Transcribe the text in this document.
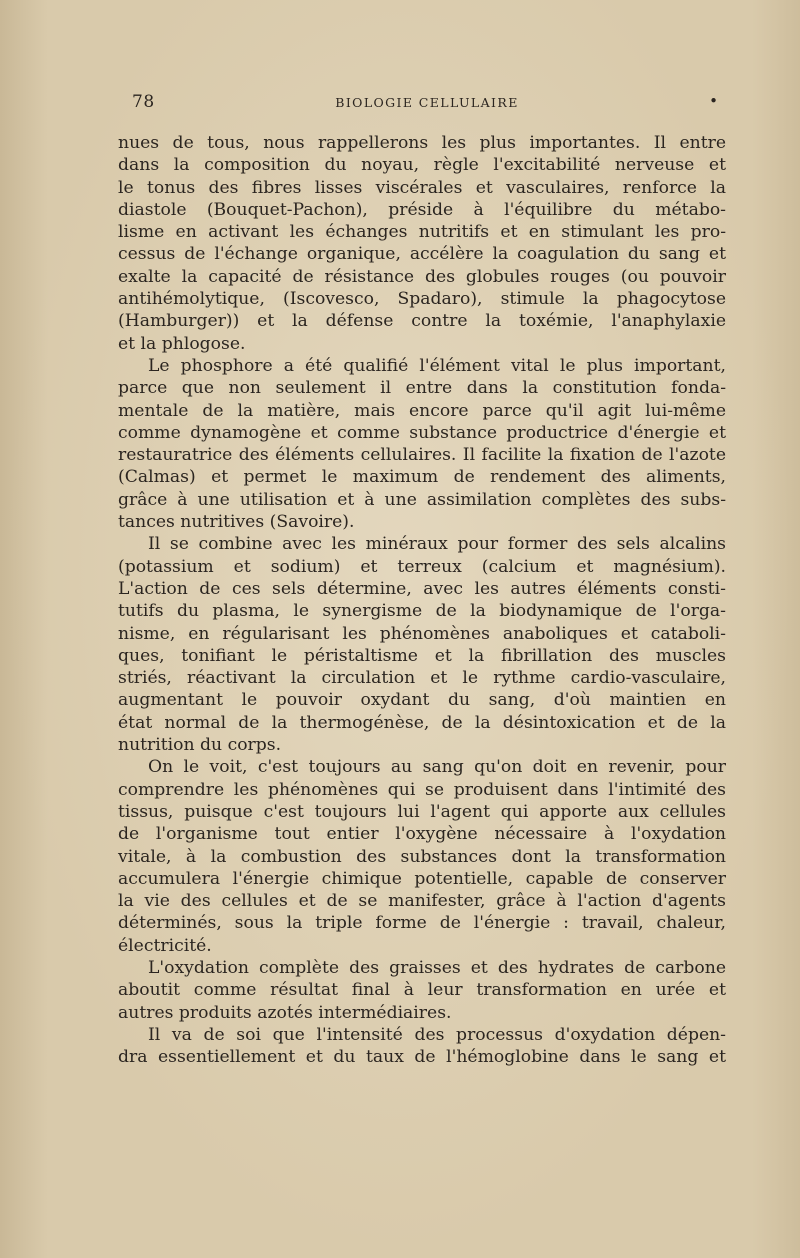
78	BIOLOGIE CELLULAIRE	•
nues de tous, nous rappellerons les plus importantes. Il entre
dans la composition du noyau, règle l'excitabilité nerveuse et
le tonus des fibres lisses viscérales et vasculaires, renforce la
diastole (Bouquet-Pachon), préside à l'équilibre du métabo-
lisme en activant les échanges nutritifs et en stimulant les pro-
cessus de l'échange organique, accélère la coagulation du sang et
exalte la capacité de résistance des globules rouges (ou pouvoir
antihémolytique, (Iscovesco, Spadaro), stimule la phagocytose
(Hamburger)) et la défense contre la toxémie, l'anaphylaxie
et la phlogose.
Le phosphore a été qualifié l'élément vital le plus important,
parce que non seulement il entre dans la constitution fonda-
mentale de la matière, mais encore parce qu'il agit lui-même
comme dynamogène et comme substance productrice d'énergie et
restauratrice des éléments cellulaires. Il facilite la fixation de l'azote
(Calmas) et permet le maximum de rendement des aliments,
grâce à une utilisation et à une assimilation complètes des subs-
tances nutritives (Savoire).
Il se combine avec les minéraux pour former des sels alcalins
(potassium et sodium) et terreux (calcium et magnésium).
L'action de ces sels détermine, avec les autres éléments consti-
tutifs du plasma, le synergisme de la biodynamique de l'orga-
nisme, en régularisant les phénomènes anaboliques et cataboli-
ques, tonifiant le péristaltisme et la fibrillation des muscles
striés, réactivant la circulation et le rythme cardio-vasculaire,
augmentant le pouvoir oxydant du sang, d'où maintien en
état normal de la thermogénèse, de la désintoxication et de la
nutrition du corps.
On le voit, c'est toujours au sang qu'on doit en revenir, pour
comprendre les phénomènes qui se produisent dans l'intimité des
tissus, puisque c'est toujours lui l'agent qui apporte aux cellules
de l'organisme tout entier l'oxygène nécessaire à l'oxydation
vitale, à la combustion des substances dont la transformation
accumulera l'énergie chimique potentielle, capable de conserver
la vie des cellules et de se manifester, grâce à l'action d'agents
déterminés, sous la triple forme de l'énergie : travail, chaleur,
électricité.
L'oxydation complète des graisses et des hydrates de carbone
aboutit comme résultat final à leur transformation en urée et
autres produits azotés intermédiaires.
Il va de soi que l'intensité des processus d'oxydation dépen-
dra essentiellement et du taux de l'hémoglobine dans le sang et
